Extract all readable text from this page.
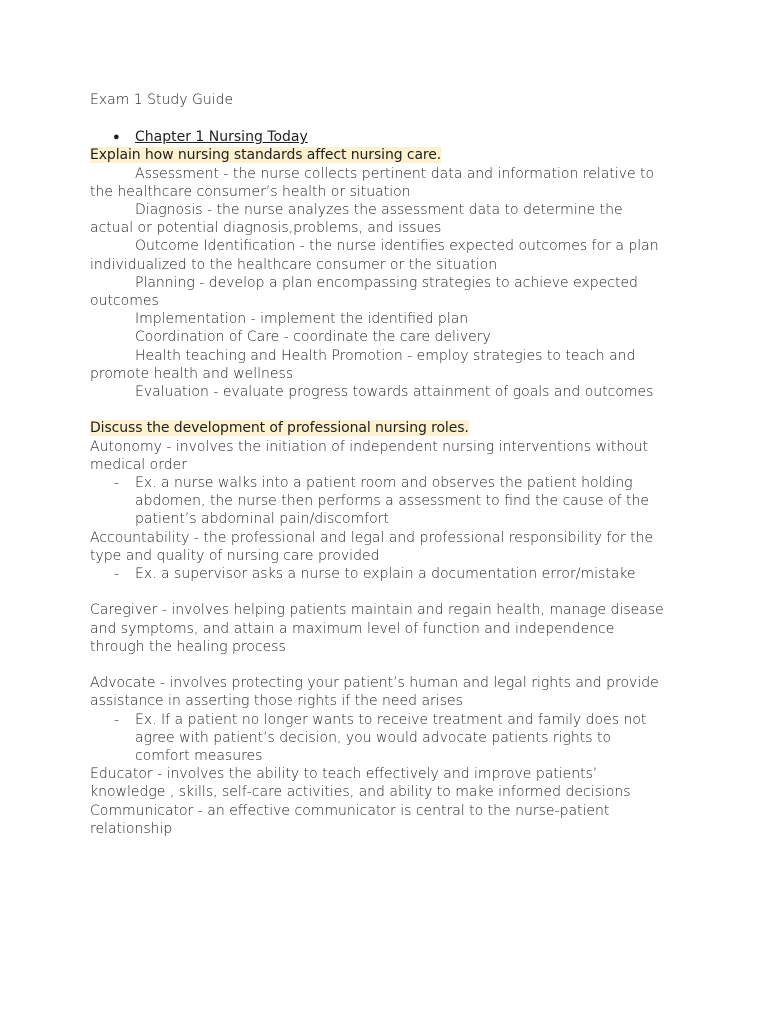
Exam 1 Study Guide
● Chapter 1 Nursing Today
Explain how nursing standards affect nursing care.
Assessment - the nurse collects pertinent data and information relative to
the healthcare consumer’s health or situation
Diagnosis - the nurse analyzes the assessment data to determine the
actual or potential diagnosis,problems, and issues
Outcome Identification - the nurse identifies expected outcomes for a plan
individualized to the healthcare consumer or the situation
Planning - develop a plan encompassing strategies to achieve expected
outcomes
Implementation - implement the identified plan
Coordination of Care - coordinate the care delivery
Health teaching and Health Promotion - employ strategies to teach and
promote health and wellness
Evaluation - evaluate progress towards attainment of goals and outcomes
Discuss the development of professional nursing roles.
Autonomy - involves the initiation of independent nursing interventions without
medical order
- Ex. a nurse walks into a patient room and observes the patient holding
abdomen, the nurse then performs a assessment to find the cause of the
patient’s abdominal pain/discomfort
Accountability - the professional and legal and professional responsibility for the
type and quality of nursing care provided
- Ex. a supervisor asks a nurse to explain a documentation error/mistake
Caregiver - involves helping patients maintain and regain health, manage disease
and symptoms, and attain a maximum level of function and independence
through the healing process
Advocate - involves protecting your patient’s human and legal rights and provide
assistance in asserting those rights if the need arises
- Ex. If a patient no longer wants to receive treatment and family does not
agree with patient’s decision, you would advocate patients rights to
comfort measures
Educator - involves the ability to teach effectively and improve patients’
knowledge , skills, self-care activities, and ability to make informed decisions
Communicator - an effective communicator is central to the nurse-patient
relationship
